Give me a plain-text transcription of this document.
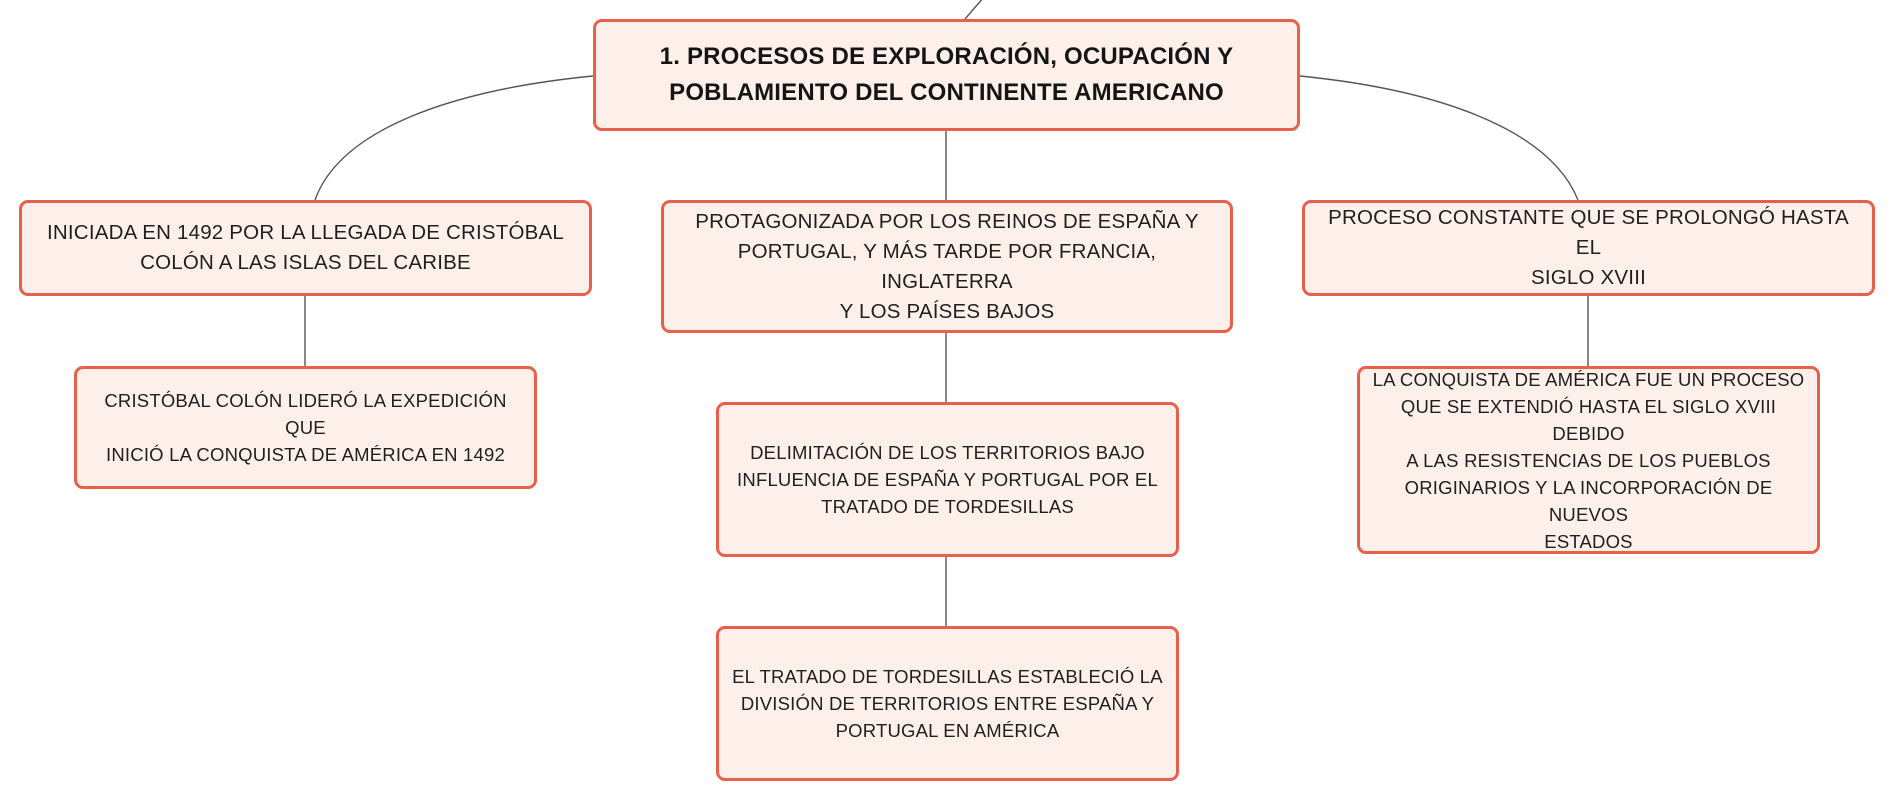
1. PROCESOS DE EXPLORACIÓN, OCUPACIÓN Y
POBLAMIENTO DEL CONTINENTE AMERICANO
INICIADA EN 1492 POR LA LLEGADA DE CRISTÓBAL
COLÓN A LAS ISLAS DEL CARIBE
PROTAGONIZADA POR LOS REINOS DE ESPAÑA Y
PORTUGAL, Y MÁS TARDE POR FRANCIA, INGLATERRA
Y LOS PAÍSES BAJOS
PROCESO CONSTANTE QUE SE PROLONGÓ HASTA EL
SIGLO XVIII
CRISTÓBAL COLÓN LIDERÓ LA EXPEDICIÓN QUE
INICIÓ LA CONQUISTA DE AMÉRICA EN 1492	DELIMITACIÓN DE LOS TERRITORIOS BAJO
INFLUENCIA DE ESPAÑA Y PORTUGAL POR EL
TRATADO DE TORDESILLAS
EL TRATADO DE TORDESILLAS ESTABLECIÓ LA
DIVISIÓN DE TERRITORIOS ENTRE ESPAÑA Y
PORTUGAL EN AMÉRICA
LA CONQUISTA DE AMÉRICA FUE UN PROCESO
QUE SE EXTENDIÓ HASTA EL SIGLO XVIII DEBIDO
A LAS RESISTENCIAS DE LOS PUEBLOS
ORIGINARIOS Y LA INCORPORACIÓN DE NUEVOS
ESTADOS
